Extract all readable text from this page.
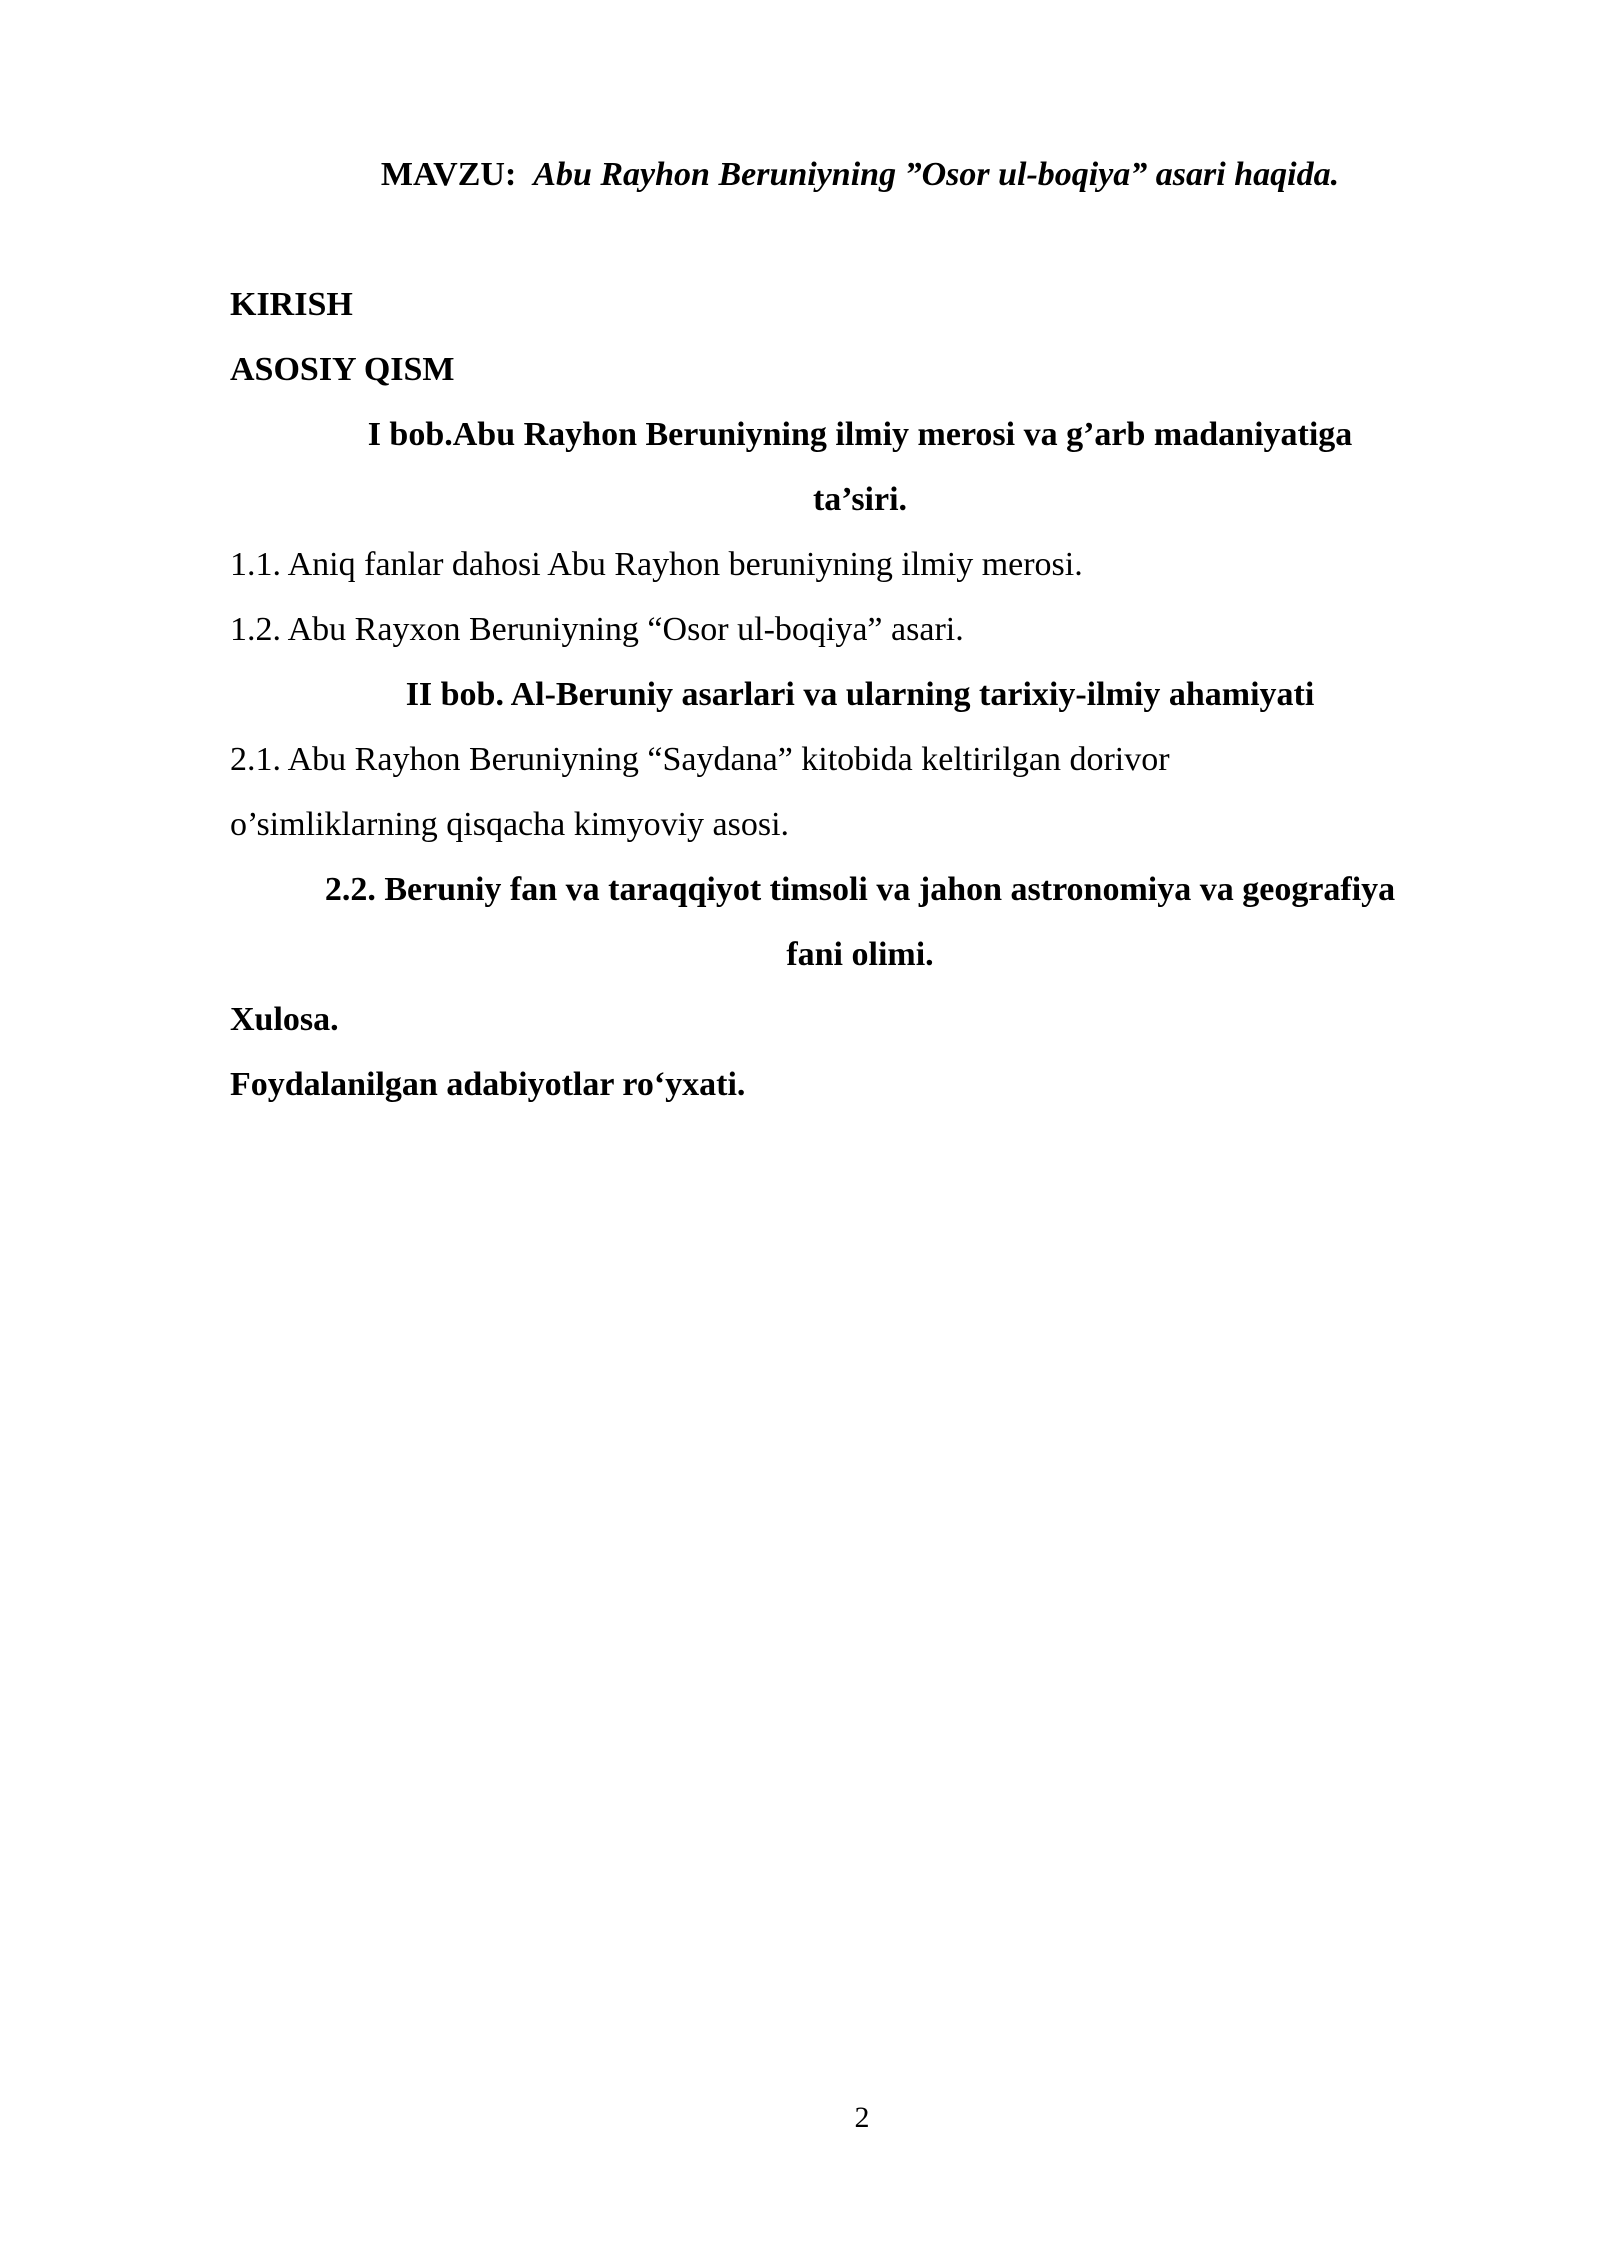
MAVZU: Abu Rayhon Beruniyning ”Osor ul-boqiya” asari haqida.
KIRISH
ASOSIY QISM
I bob.Abu Rayhon Beruniyning ilmiy merosi va g’arb madaniyatiga
ta’siri.
1.1. Aniq fanlar dahosi Abu Rayhon beruniyning ilmiy merosi.
1.2. Abu Rayxon Beruniyning “Osor ul-boqiya” asari.
II bob. Al-Beruniy asarlari va ularning tarixiy-ilmiy ahamiyati
2.1. Abu Rayhon Beruniyning “Saydana” kitobida keltirilgan dorivor
o’simliklarning qisqacha kimyoviy asosi.
2.2. Beruniy fan va taraqqiyot timsoli va jahon astronomiya va geografiya
fani olimi.
Xulosa.
Foydalanilgan adabiyotlar ro‘yxati.
2
